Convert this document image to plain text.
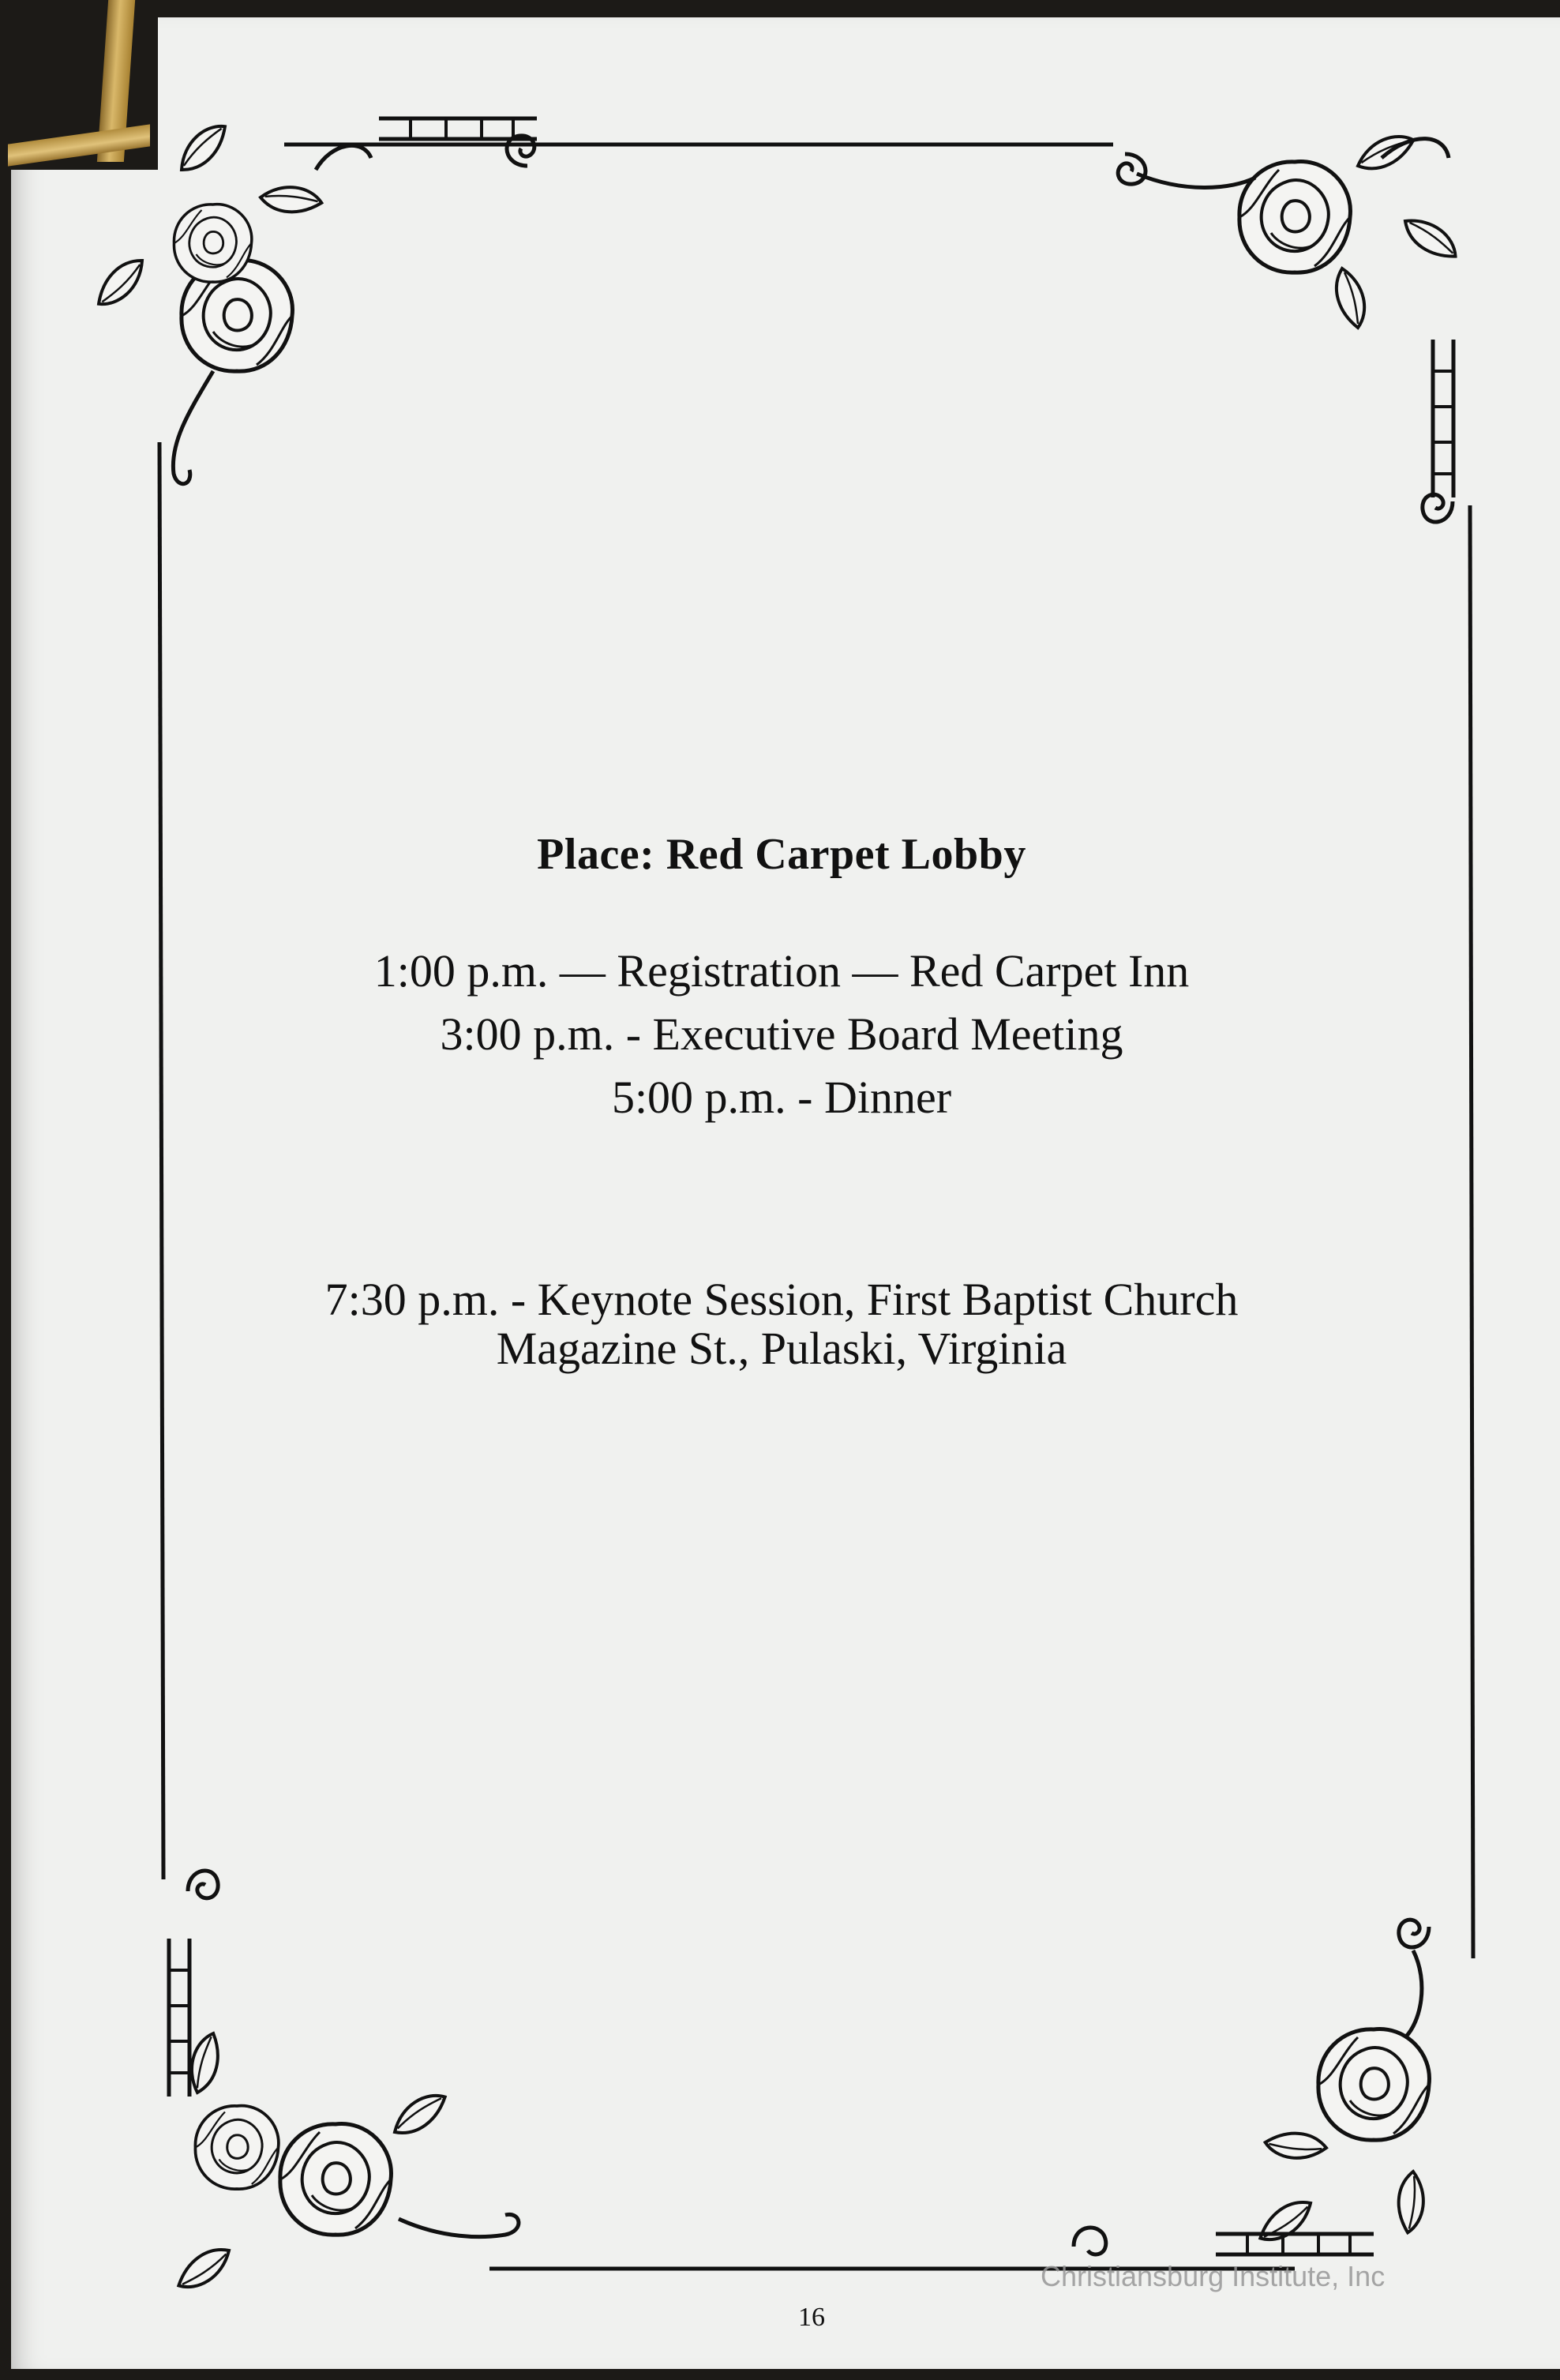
Place: Red Carpet Lobby
1:00 p.m. — Registration — Red Carpet Inn
3:00 p.m. - Executive Board Meeting
5:00 p.m. - Dinner
7:30 p.m. - Keynote Session, First Baptist Church
Magazine St., Pulaski, Virginia
16
Christiansburg Institute, Inc
